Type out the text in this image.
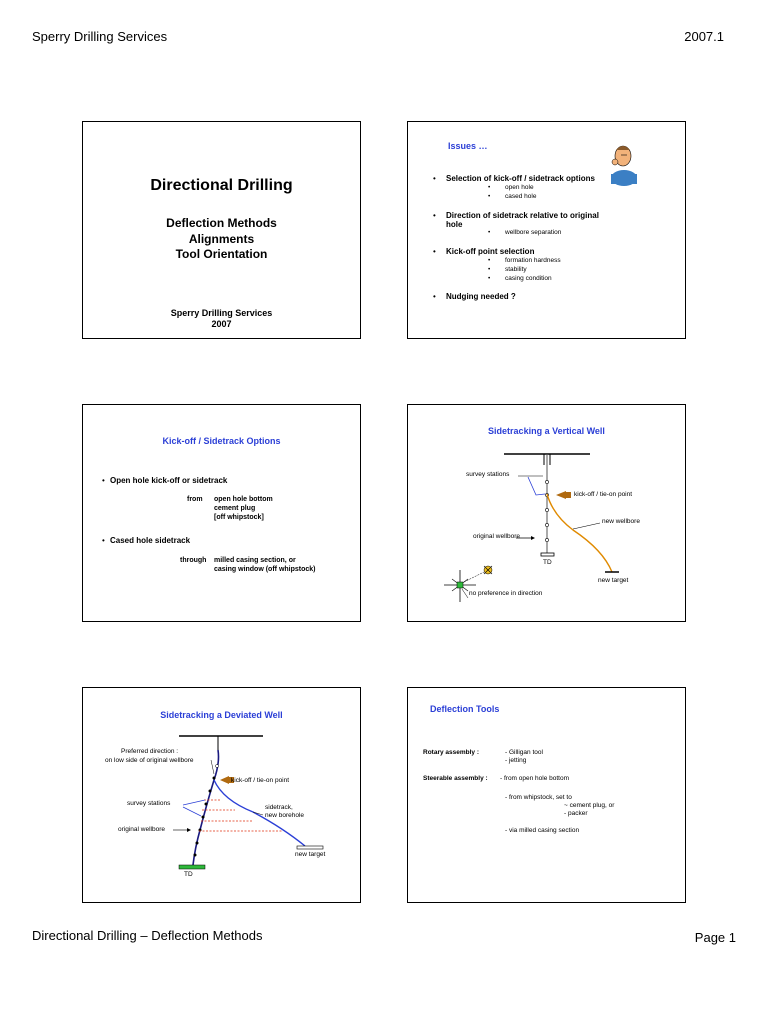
Sperry Drilling Services	2007.1
Directional Drilling
Deflection Methods
Alignments
Tool Orientation
Sperry Drilling Services
2007
Issues …
• Selection of kick-off / sidetrack options
• open hole
• cased hole
• Direction of sidetrack relative to original
hole
• wellbore separation
• Kick-off point selection
• formation hardness
• stability
• casing condition
• Nudging needed ?
Kick-off / Sidetrack Options
• Open hole kick-off or sidetrack
from open hole bottom
cement plug
[off whipstock]
• Cased hole sidetrack
through milled casing section, or
casing window (off whipstock)
Sidetracking a Vertical Well
survey stations
kick-off / tie-on point
new wellbore
original wellbore
TD
new target
no preference in direction
Sidetracking a Deviated Well
Preferred direction :
on low side of original wellbore
kick-off / tie-on point
survey stations
sidetrack,
new borehole
original wellbore
new target
TD
Deflection Tools
Rotary assembly :	- Gilligan tool
- jetting
Steerable assembly : - from open hole bottom
- from whipstock, set to
~ cement plug, or
- packer
- via milled casing section
Directional Drilling – Deflection Methods	Page 1
